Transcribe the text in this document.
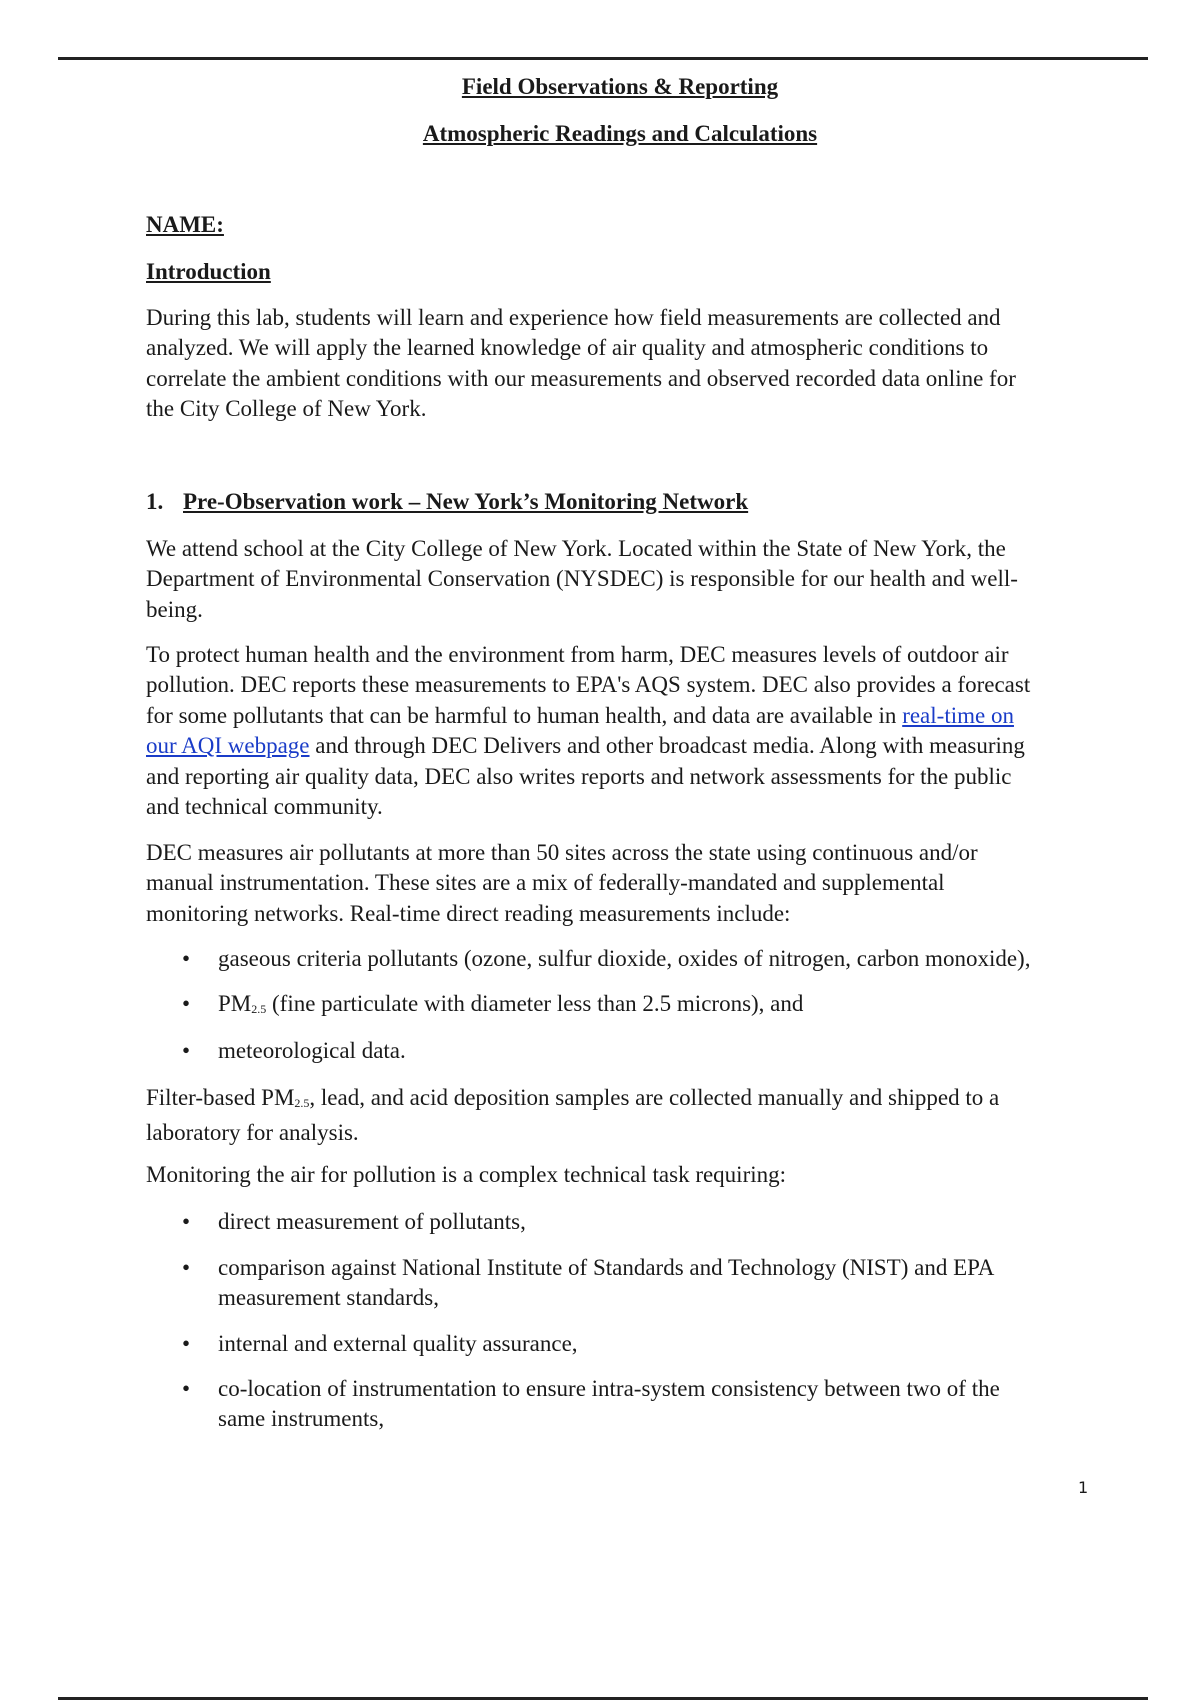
Field Observations & Reporting
Atmospheric Readings and Calculations
NAME:
Introduction
During this lab, students will learn and experience how field measurements are collected and
analyzed. We will apply the learned knowledge of air quality and atmospheric conditions to
correlate the ambient conditions with our measurements and observed recorded data online for
the City College of New York.
1. Pre-Observation work – New York’s Monitoring Network
We attend school at the City College of New York. Located within the State of New York, the
Department of Environmental Conservation (NYSDEC) is responsible for our health and well-
being.
To protect human health and the environment from harm, DEC measures levels of outdoor air
pollution. DEC reports these measurements to EPA's AQS system. DEC also provides a forecast
for some pollutants that can be harmful to human health, and data are available in real-time on
our AQI webpage and through DEC Delivers and other broadcast media. Along with measuring
and reporting air quality data, DEC also writes reports and network assessments for the public
and technical community.
DEC measures air pollutants at more than 50 sites across the state using continuous and/or
manual instrumentation. These sites are a mix of federally-mandated and supplemental
monitoring networks. Real-time direct reading measurements include:
• gaseous criteria pollutants (ozone, sulfur dioxide, oxides of nitrogen, carbon monoxide),
• $PM_{2.5}$ (fine particulate with diameter less than 2.5 microns), and
• meteorological data.
Filter-based $PM_{2.5}$, lead, and acid deposition samples are collected manually and shipped to a
laboratory for analysis.
Monitoring the air for pollution is a complex technical task requiring:
• direct measurement of pollutants,
• comparison against National Institute of Standards and Technology (NIST) and EPA
measurement standards,
• internal and external quality assurance,
• co-location of instrumentation to ensure intra-system consistency between two of the
same instruments,
1
